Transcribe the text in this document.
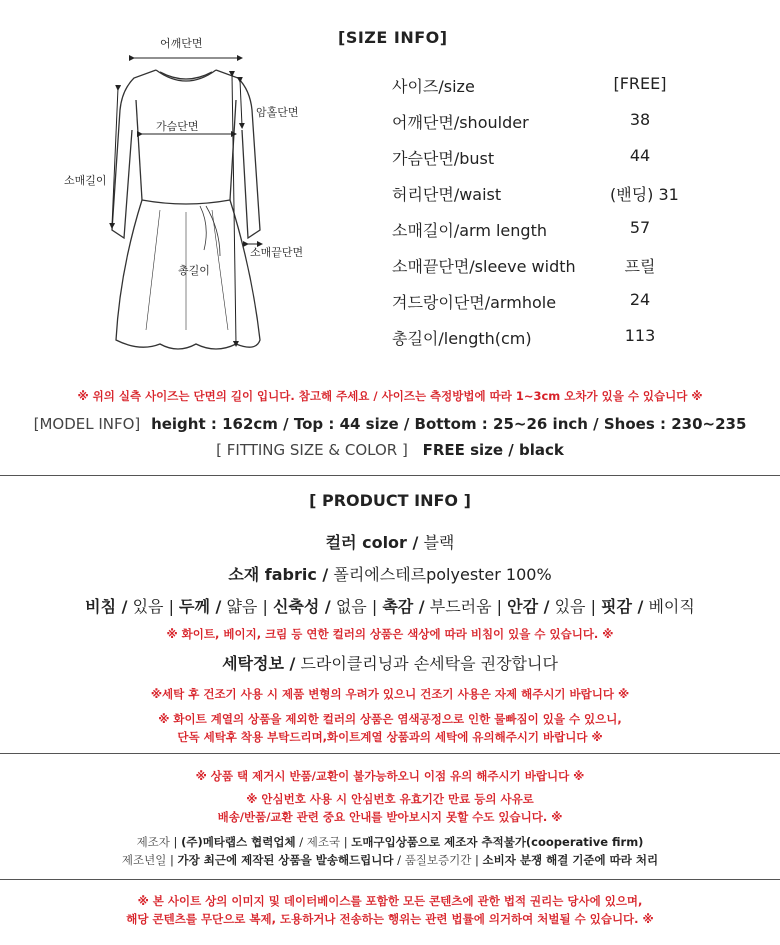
[SIZE INFO]
어깨단면
가슴단면
암홀단면
소매길이
소매끝단면
총길이
사이즈/size	[FREE]
어깨단면/shoulder	38
가슴단면/bust	44
허리단면/waist	(밴딩) 31
소매길이/arm length	57
소매끝단면/sleeve width	프릴
겨드랑이단면/armhole	24
총길이/length(cm)	113
※ 위의 실측 사이즈는 단면의 길이 입니다. 참고해 주세요 / 사이즈는 측정방법에 따라 1~3cm 오차가 있을 수 있습니다 ※
[MODEL INFO] height : 162cm / Top : 44 size / Bottom : 25~26 inch / Shoes : 230~235
[ FITTING SIZE & COLOR ] FREE size / black
[ PRODUCT INFO ]
컬러 color / 블랙
소재 fabric / 폴리에스테르polyester 100%
비침 / 있음 | 두께 / 얇음 | 신축성 / 없음 | 촉감 / 부드러움 | 안감 / 있음 | 핏감 / 베이직
※ 화이트, 베이지, 크림 등 연한 컬러의 상품은 색상에 따라 비침이 있을 수 있습니다. ※
세탁정보 / 드라이클리닝과 손세탁을 권장합니다
※세탁 후 건조기 사용 시 제품 변형의 우려가 있으니 건조기 사용은 자제 해주시기 바랍니다 ※
※ 화이트 계열의 상품을 제외한 컬러의 상품은 염색공정으로 인한 물빠짐이 있을 수 있으니,
단독 세탁후 착용 부탁드리며,화이트계열 상품과의 세탁에 유의해주시기 바랍니다 ※
※ 상품 택 제거시 반품/교환이 불가능하오니 이점 유의 해주시기 바랍니다 ※
※ 안심번호 사용 시 안심번호 유효기간 만료 등의 사유로
배송/반품/교환 관련 중요 안내를 받아보시지 못할 수도 있습니다. ※
제조자 | (주)메타랩스 협력업체 / 제조국 | 도매구입상품으로 제조자 추적불가(cooperative firm)
제조년일 | 가장 최근에 제작된 상품을 발송해드립니다 / 품질보증기간 | 소비자 분쟁 해결 기준에 따라 처리
※ 본 사이트 상의 이미지 및 데이터베이스를 포함한 모든 콘텐츠에 관한 법적 권리는 당사에 있으며,
해당 콘텐츠를 무단으로 복제, 도용하거나 전송하는 행위는 관련 법률에 의거하여 처벌될 수 있습니다. ※
